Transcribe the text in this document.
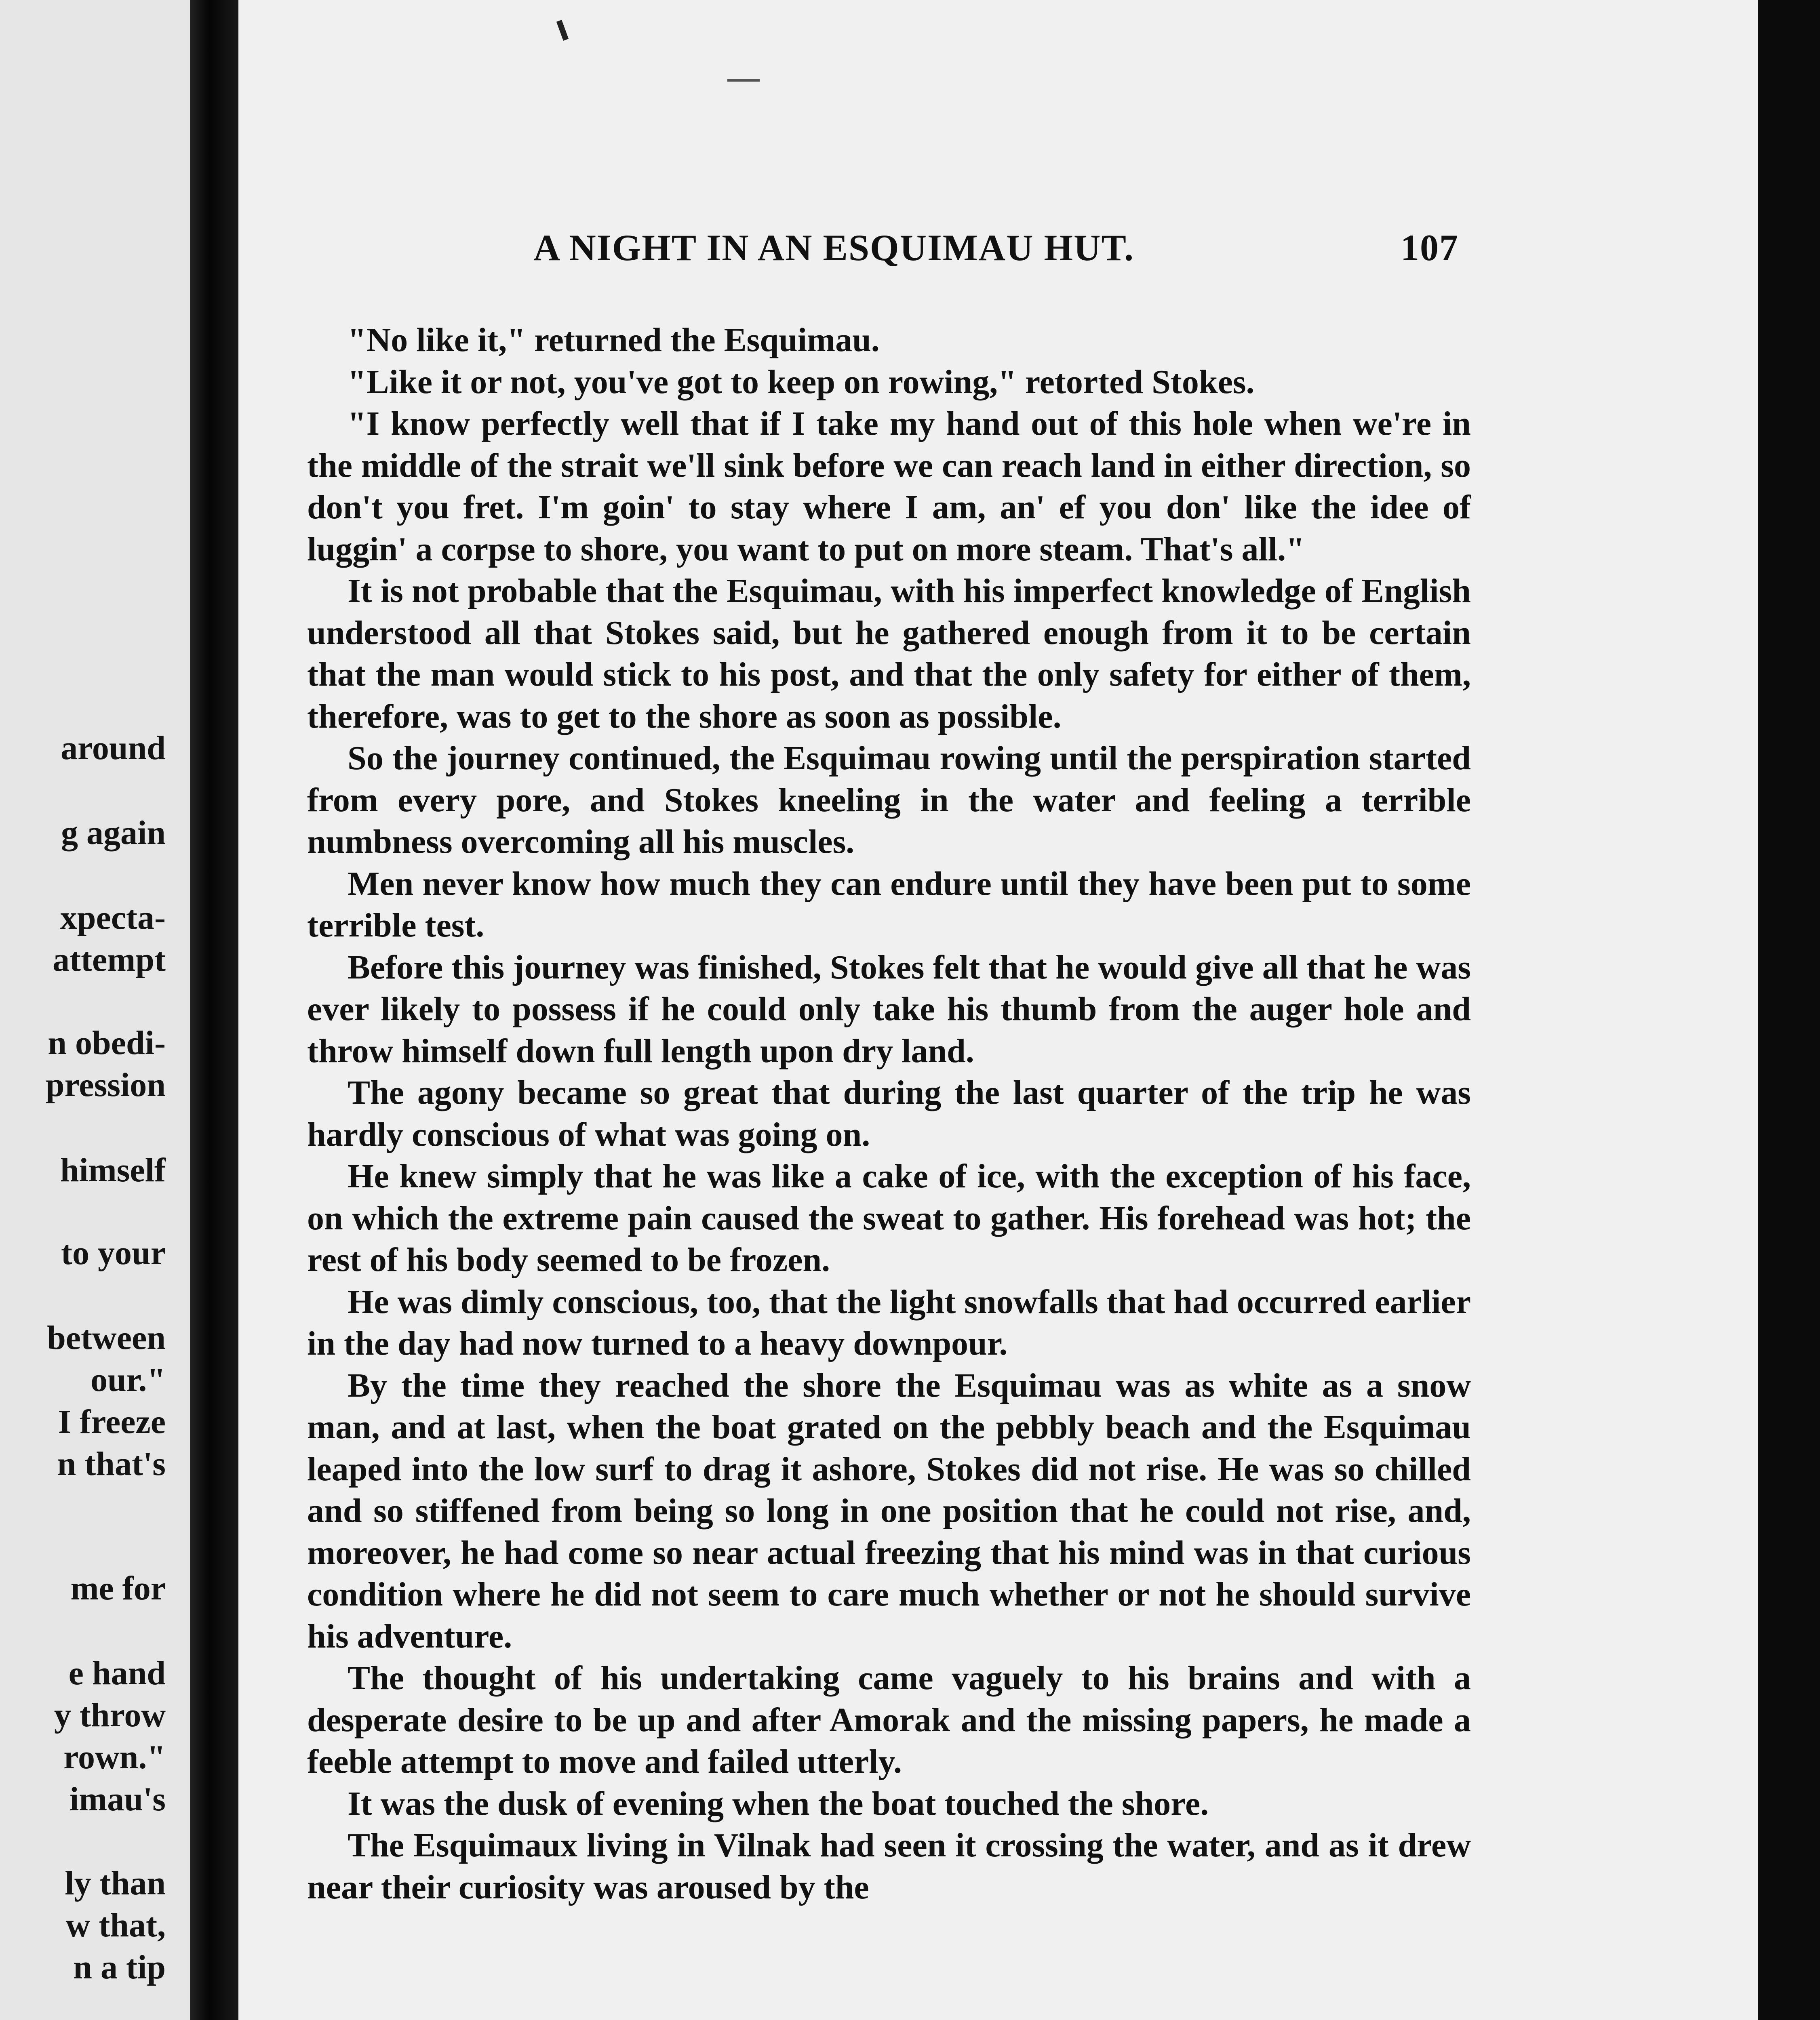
around
g again
xpecta-
attempt
n obedi-
pression
himself
to your
between
our."
I freeze
n that's
me for
e hand
y throw
rown."
imau's
ly than
w that,
n a tip
A NIGHT IN AN ESQUIMAU HUT.	107

"No like it," returned the Esquimau.

"Like it or not, you've got to keep on rowing," retorted Stokes.

"I know perfectly well that if I take my hand out of this hole when we're in the middle of the strait we'll sink before we can reach land in either direction, so don't you fret. I'm goin' to stay where I am, an' ef you don' like the idee of luggin' a corpse to shore, you want to put on more steam. That's all."

It is not probable that the Esquimau, with his imperfect knowledge of English understood all that Stokes said, but he gathered enough from it to be certain that the man would stick to his post, and that the only safety for either of them, therefore, was to get to the shore as soon as possible.

So the journey continued, the Esquimau rowing until the perspiration started from every pore, and Stokes kneeling in the water and feeling a terrible numbness overcoming all his muscles.

Men never know how much they can endure until they have been put to some terrible test.

Before this journey was finished, Stokes felt that he would give all that he was ever likely to possess if he could only take his thumb from the auger hole and throw himself down full length upon dry land.

The agony became so great that during the last quarter of the trip he was hardly conscious of what was going on.

He knew simply that he was like a cake of ice, with the exception of his face, on which the extreme pain caused the sweat to gather. His forehead was hot; the rest of his body seemed to be frozen.

He was dimly conscious, too, that the light snowfalls that had occurred earlier in the day had now turned to a heavy downpour.

By the time they reached the shore the Esquimau was as white as a snow man, and at last, when the boat grated on the pebbly beach and the Esquimau leaped into the low surf to drag it ashore, Stokes did not rise. He was so chilled and so stiffened from being so long in one position that he could not rise, and, moreover, he had come so near actual freezing that his mind was in that curious condition where he did not seem to care much whether or not he should survive his adventure.

The thought of his undertaking came vaguely to his brains and with a desperate desire to be up and after Amorak and the missing papers, he made a feeble attempt to move and failed utterly.

It was the dusk of evening when the boat touched the shore.

The Esquimaux living in Vilnak had seen it crossing the water, and as it drew near their curiosity was aroused by the
